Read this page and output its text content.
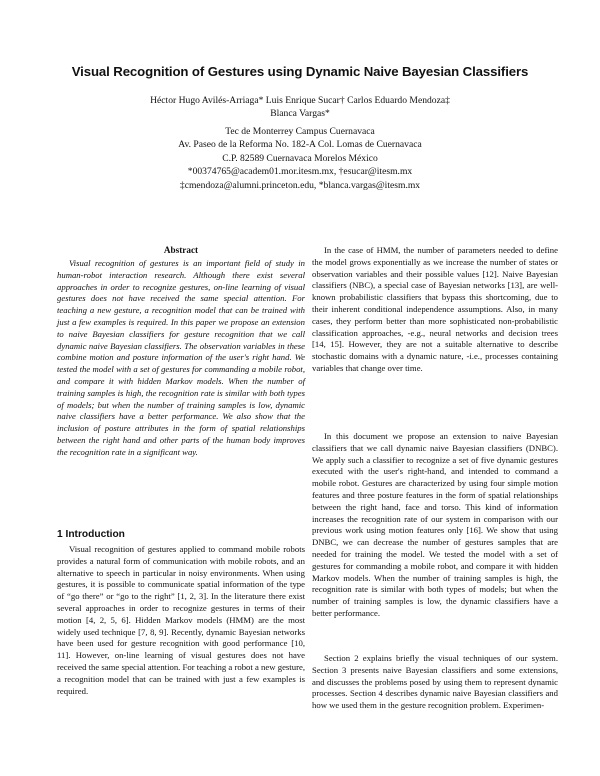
Visual Recognition of Gestures using Dynamic Naive Bayesian Classifiers
Héctor Hugo Avilés-Arriaga* Luis Enrique Sucar† Carlos Eduardo Mendoza‡
Blanca Vargas*
Tec de Monterrey Campus Cuernavaca
Av. Paseo de la Reforma No. 182-A Col. Lomas de Cuernavaca
C.P. 82589 Cuernavaca Morelos México
*00374765@academ01.mor.itesm.mx, †esucar@itesm.mx
‡cmendoza@alumni.princeton.edu, *blanca.vargas@itesm.mx
Abstract

Visual recognition of gestures is an important field of study in human-robot interaction research. Although there exist several approaches in order to recognize gestures, on-line learning of visual gestures does not have received the same special attention. For teaching a new gesture, a recognition model that can be trained with just a few examples is required. In this paper we propose an extension to naive Bayesian classifiers for gesture recognition that we call dynamic naive Bayesian classifiers. The observation variables in these combine motion and posture information of the user's right hand. We tested the model with a set of gestures for commanding a mobile robot, and compare it with hidden Markov models. When the number of training samples is high, the recognition rate is similar with both types of models; but when the number of training samples is low, dynamic naive classifiers have a better performance. We also show that the inclusion of posture attributes in the form of spatial relationships between the right hand and other parts of the human body improves the recognition rate in a significant way.

1 Introduction

Visual recognition of gestures applied to command mobile robots provides a natural form of communication with mobile robots, and an alternative to speech in particular in noisy environments. When using gestures, it is possible to communicate spatial information of the type of “go there” or “go to the right” [1, 2, 3]. In the literature there exist several approaches in order to recognize gestures in terms of their motion [4, 2, 5, 6]. Hidden Markov models (HMM) are the most widely used technique [7, 8, 9]. Recently, dynamic Bayesian networks have been used for gesture recognition with good performance [10, 11]. However, on-line learning of visual gestures does not have received the same special attention. For teaching a robot a new gesture, a recognition model that can be trained with just a few examples is required.

In the case of HMM, the number of parameters needed to define the model grows exponentially as we increase the number of states or observation variables and their possible values [12]. Naive Bayesian classifiers (NBC), a special case of Bayesian networks [13], are well-known probabilistic classifiers that bypass this shortcoming, due to their inherent conditional independence assumptions. Also, in many cases, they perform better than more sophisticated non-probabilistic classification approaches, -e.g., neural networks and decision trees [14, 15]. However, they are not a suitable alternative to describe stochastic domains with a dynamic nature, -i.e., processes containing variables that change over time.

In this document we propose an extension to naive Bayesian classifiers that we call dynamic naive Bayesian classifiers (DNBC). We apply such a classifier to recognize a set of five dynamic gestures executed with the user's right-hand, and intended to command a mobile robot. Gestures are characterized by using four simple motion features and three posture features in the form of spatial relationships between the right hand, face and torso. This kind of information increases the recognition rate of our system in comparison with our previous work using motion features only [16]. We show that using DNBC, we can decrease the number of gestures samples that are needed for training the model. We tested the model with a set of gestures for commanding a mobile robot, and compare it with hidden Markov models. When the number of training samples is high, the recognition rate is similar with both types of models; but when the number of training samples is low, the dynamic classifiers have a better performance.

Section 2 explains briefly the visual techniques of our system. Section 3 presents naive Bayesian classifiers and some extensions, and discusses the problems posed by using them to represent dynamic processes. Section 4 describes dynamic naive Bayesian classifiers and how we used them in the gesture recognition problem. Experimen-
